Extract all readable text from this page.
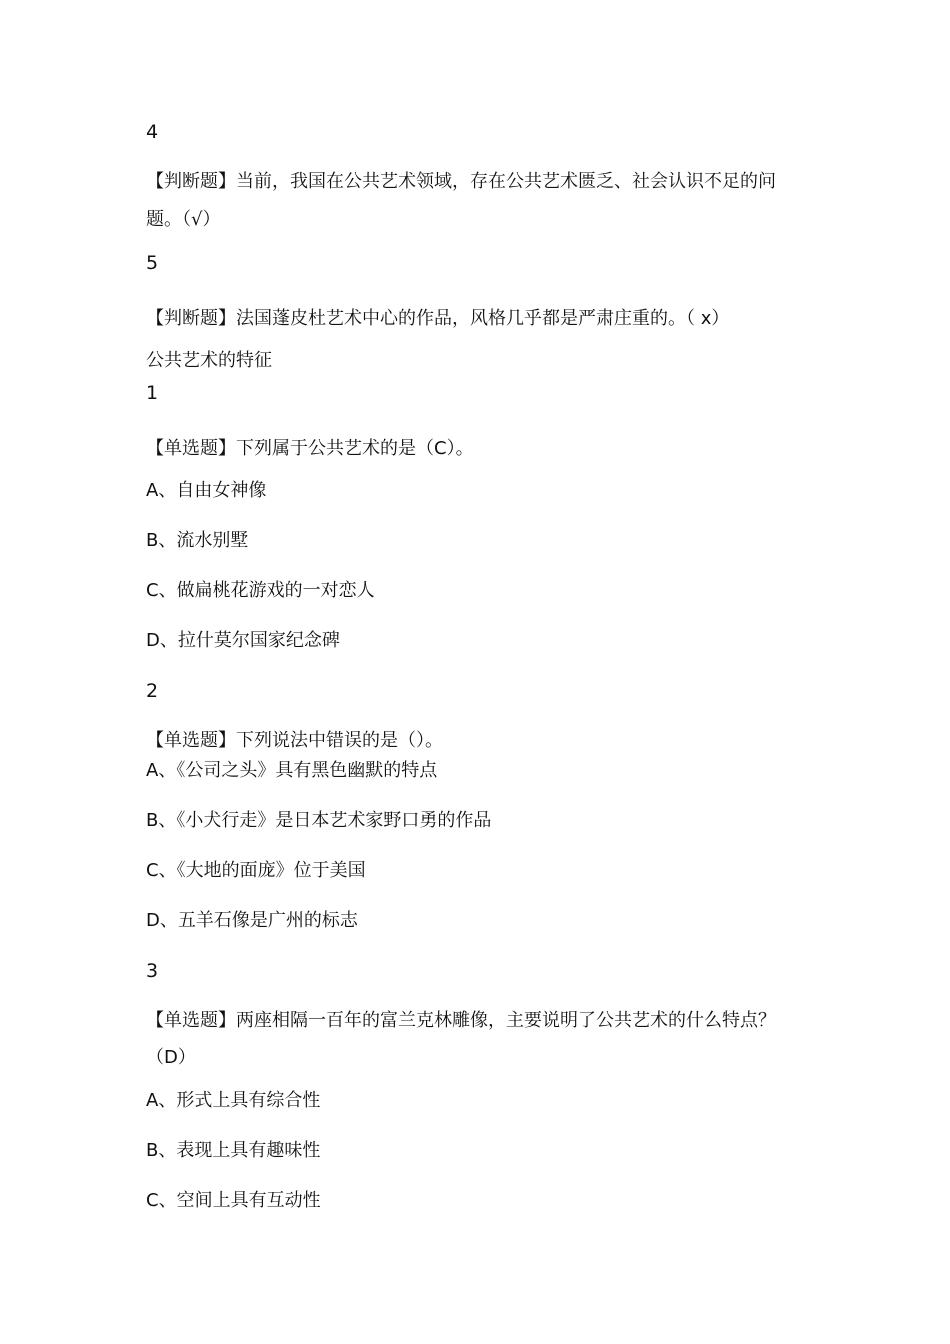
4
【判断题】当前，我国在公共艺术领域，存在公共艺术匮乏、社会认识不足的问
题。（√）
5
【判断题】法国蓬皮杜艺术中心的作品，风格几乎都是严肃庄重的。（ x）
公共艺术的特征
1
【单选题】下列属于公共艺术的是（C）。
A、自由女神像
B、流水别墅
C、做扁桃花游戏的一对恋人
D、拉什莫尔国家纪念碑
2
【单选题】下列说法中错误的是（）。
A、《公司之头》具有黑色幽默的特点
B、《小犬行走》是日本艺术家野口勇的作品
C、《大地的面庞》位于美国
D、五羊石像是广州的标志
3
【单选题】两座相隔一百年的富兰克林雕像，主要说明了公共艺术的什么特点？
（D）
A、形式上具有综合性
B、表现上具有趣味性
C、空间上具有互动性
